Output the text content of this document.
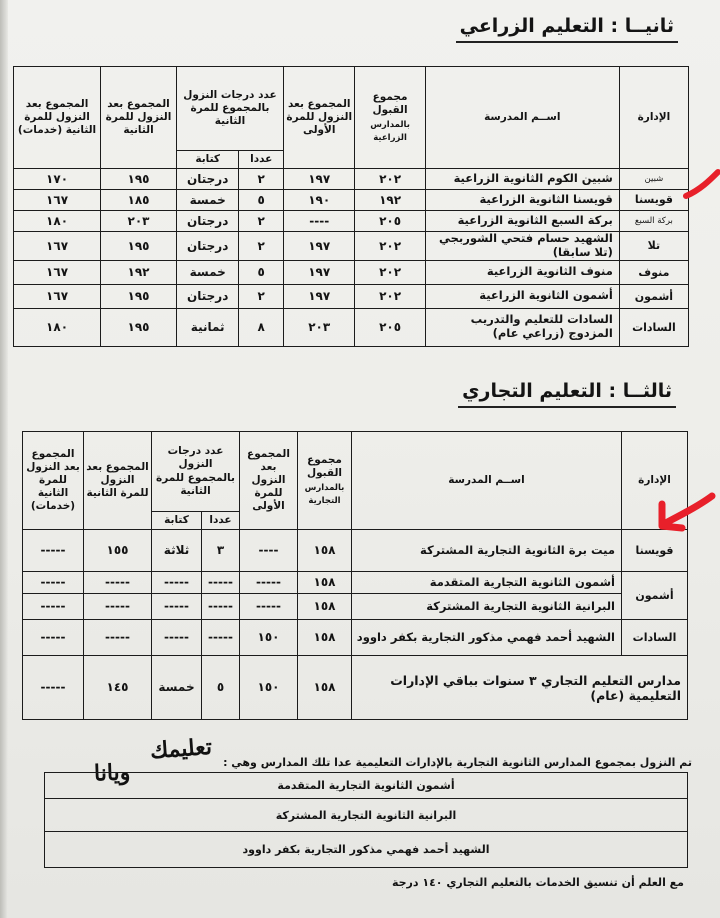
ثانيــا : التعليم الزراعي
الإدارة	اســم المدرسة	مجموع القبول
بالمدارس الزراعية	المجموع بعد النزول للمرة الأولى	عدد درجات النزول بالمجموع للمرة الثانية		المجموع بعد النزول للمرة الثانية	المجموع بعد النزول للمرة الثانية (خدمات)
				عددا	كتابة		
شبين	شبين الكوم الثانوية الزراعية	٢٠٢	١٩٧	٢	درجتان	١٩٥	١٧٠
قويسنا	قويسنا الثانوية الزراعية	١٩٢	١٩٠	٥	خمسة	١٨٥	١٦٧
بركة السبع	بركة السبع الثانوية الزراعية	٢٠٥	----	٢	درجتان	٢٠٣	١٨٠
تلا	الشهيد حسام فتحي الشوربجي (تلا سابقا)	٢٠٢	١٩٧	٢	درجتان	١٩٥	١٦٧
منوف	منوف الثانوية الزراعية	٢٠٢	١٩٧	٥	خمسة	١٩٢	١٦٧
أشمون	أشمون الثانوية الزراعية	٢٠٢	١٩٧	٢	درجتان	١٩٥	١٦٧
السادات	السادات للتعليم والتدريب المزدوج (زراعي عام)	٢٠٥	٢٠٣	٨	ثمانية	١٩٥	١٨٠
ثالثــا : التعليم التجاري
الإدارة	اســم المدرسة	مجموع القبول
بالمدارس التجارية	المجموع بعد النزول للمرة الأولى	عدد درجات النزول بالمجموع للمرة الثانية		المجموع بعد النزول للمرة الثانية	المجموع بعد النزول للمرة الثانية (خدمات)
				عددا	كتابة		
قويسنا	ميت برة الثانوية التجارية المشتركة	١٥٨	----	٣	ثلاثة	١٥٥	-----
أشمون	أشمون الثانوية التجارية المتقدمة	١٥٨	-----	-----	-----	-----	-----
	البرانية الثانوية التجارية المشتركة	١٥٨	-----	-----	-----	-----	-----
السادات	الشهيد أحمد فهمي مذكور التجارية بكفر داوود	١٥٨	١٥٠	-----	-----	-----	-----
مدارس التعليم التجاري ٣ سنوات بباقي الإدارات التعليمية (عام)		١٥٨	١٥٠	٥	خمسة	١٤٥	-----
تعليمك
ويانا	تم النزول بمجموع المدارس الثانوية التجارية بالإدارات التعليمية عدا تلك المدارس وهي :
أشمون الثانوية التجارية المتقدمة
البرانية الثانوية التجارية المشتركة
الشهيد أحمد فهمي مذكور التجارية بكفر داوود
مع العلم أن تنسيق الخدمات بالتعليم التجاري ١٤٠ درجة
